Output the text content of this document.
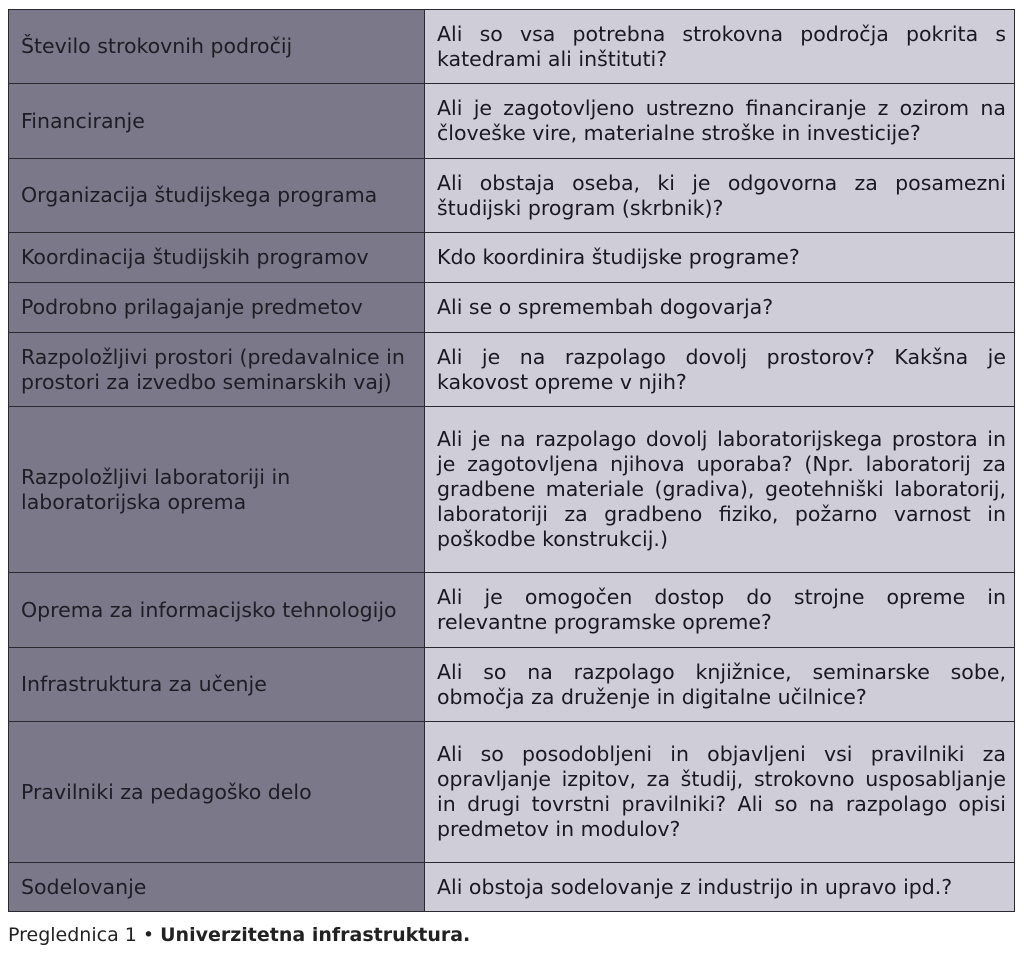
Število strokovnih področij	Ali so vsa potrebna strokovna področja pokrita s katedrami ali inštituti?
Financiranje	Ali je zagotovljeno ustrezno financiranje z ozirom na človeške vire, materialne stroške in investicije?
Organizacija študijskega programa	Ali obstaja oseba, ki je odgovorna za posamezni študijski program (skrbnik)?
Koordinacija študijskih programov	Kdo koordinira študijske programe?
Podrobno prilagajanje predmetov	Ali se o spremembah dogovarja?
Razpoložljivi prostori (predavalnice in prostori za izvedbo seminarskih vaj)	Ali je na razpolago dovolj prostorov? Kakšna je kakovost opreme v njih?
Razpoložljivi laboratoriji in laboratorijska oprema	Ali je na razpolago dovolj laboratorijskega prostora in je zagotovljena njihova uporaba? (Npr. laboratorij za gradbene materiale (gradiva), geotehniški laboratorij, laboratoriji za gradbeno fiziko, požarno varnost in poškodbe konstrukcij.)
Oprema za informacijsko tehnologijo	Ali je omogočen dostop do strojne opreme in relevantne programske opreme?
Infrastruktura za učenje	Ali so na razpolago knjižnice, seminarske sobe, območja za druženje in digitalne učilnice?
Pravilniki za pedagoško delo	Ali so posodobljeni in objavljeni vsi pravilniki za opravljanje izpitov, za študij, strokovno usposabljanje in drugi tovrstni pravilniki? Ali so na razpolago opisi predmetov in modulov?
Sodelovanje	Ali obstoja sodelovanje z industrijo in upravo ipd.?
Preglednica 1 • Univerzitetna infrastruktura.
